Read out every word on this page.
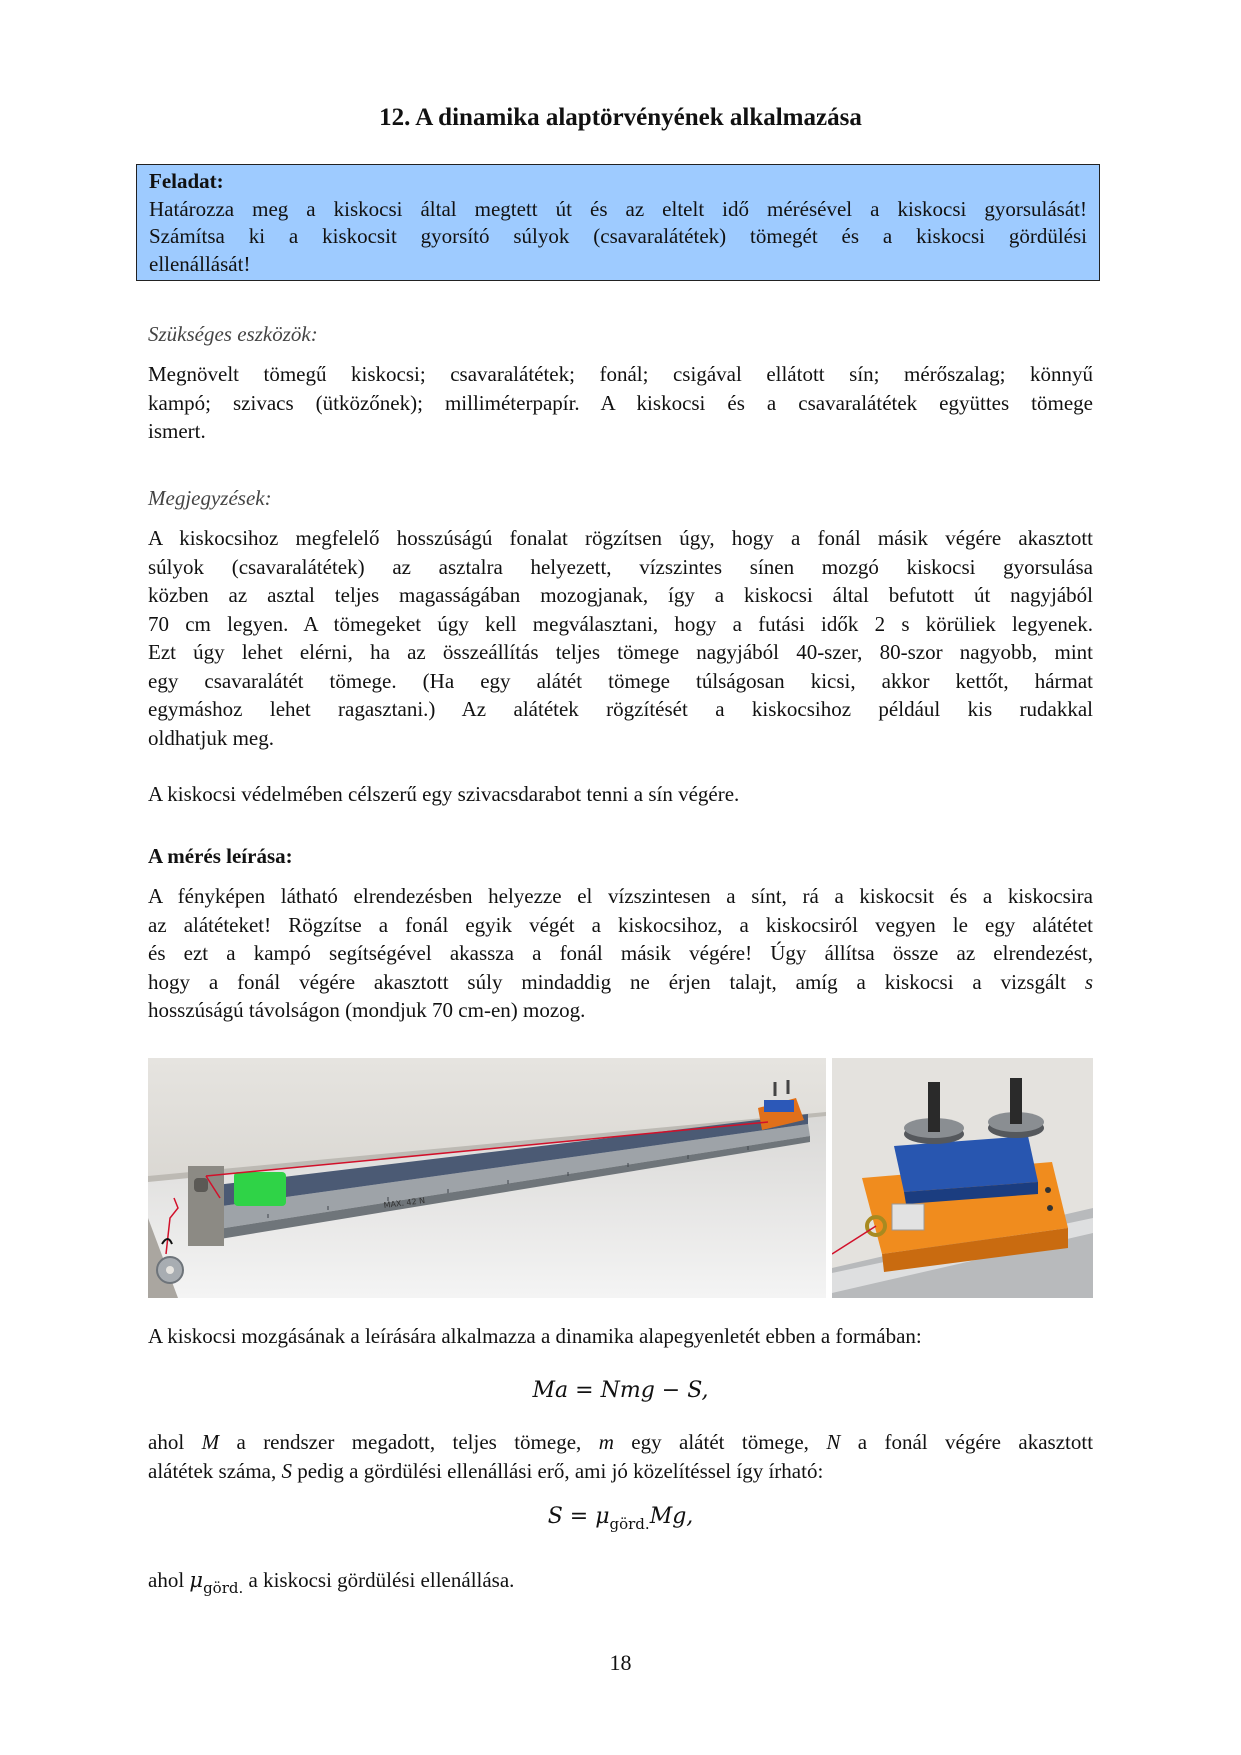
12. A dinamika alaptörvényének alkalmazása
Feladat:
Határozza meg a kiskocsi által megtett út és az eltelt idő mérésével a kiskocsi gyorsulását!
Számítsa ki a kiskocsit gyorsító súlyok (csavaralátétek) tömegét és a kiskocsi gördülési
ellenállását!
Szükséges eszközök:
Megnövelt tömegű kiskocsi; csavaralátétek; fonál; csigával ellátott sín; mérőszalag; könnyű
kampó; szivacs (ütközőnek); milliméterpapír. A kiskocsi és a csavaralátétek együttes tömege
ismert.
Megjegyzések:
A kiskocsihoz megfelelő hosszúságú fonalat rögzítsen úgy, hogy a fonál másik végére akasztott
súlyok (csavaralátétek) az asztalra helyezett, vízszintes sínen mozgó kiskocsi gyorsulása
közben az asztal teljes magasságában mozogjanak, így a kiskocsi által befutott út nagyjából
70 cm legyen. A tömegeket úgy kell megválasztani, hogy a futási idők 2 s körüliek legyenek.
Ezt úgy lehet elérni, ha az összeállítás teljes tömege nagyjából 40-szer, 80-szor nagyobb, mint
egy csavaralátét tömege. (Ha egy alátét tömege túlságosan kicsi, akkor kettőt, hármat
egymáshoz lehet ragasztani.) Az alátétek rögzítését a kiskocsihoz például kis rudakkal
oldhatjuk meg.
A kiskocsi védelmében célszerű egy szivacsdarabot tenni a sín végére.
A mérés leírása:
A fényképen látható elrendezésben helyezze el vízszintesen a sínt, rá a kiskocsit és a kiskocsira
az alátéteket! Rögzítse a fonál egyik végét a kiskocsihoz, a kiskocsiról vegyen le egy alátétet
és ezt a kampó segítségével akassza a fonál másik végére! Úgy állítsa össze az elrendezést,
hogy a fonál végére akasztott súly mindaddig ne érjen talajt, amíg a kiskocsi a vizsgált s
hosszúságú távolságon (mondjuk 70 cm-en) mozog.
MAX. 42 N
A kiskocsi mozgásának a leírására alkalmazza a dinamika alapegyenletét ebben a formában:
Ma = Nmg − S,
ahol M a rendszer megadott, teljes tömege, m egy alátét tömege, N a fonál végére akasztott
alátétek száma, S pedig a gördülési ellenállási erő, ami jó közelítéssel így írható:
$S = \mu_{görd.}Mg$,
ahol $\mu_{görd.}$ a kiskocsi gördülési ellenállása.
18
